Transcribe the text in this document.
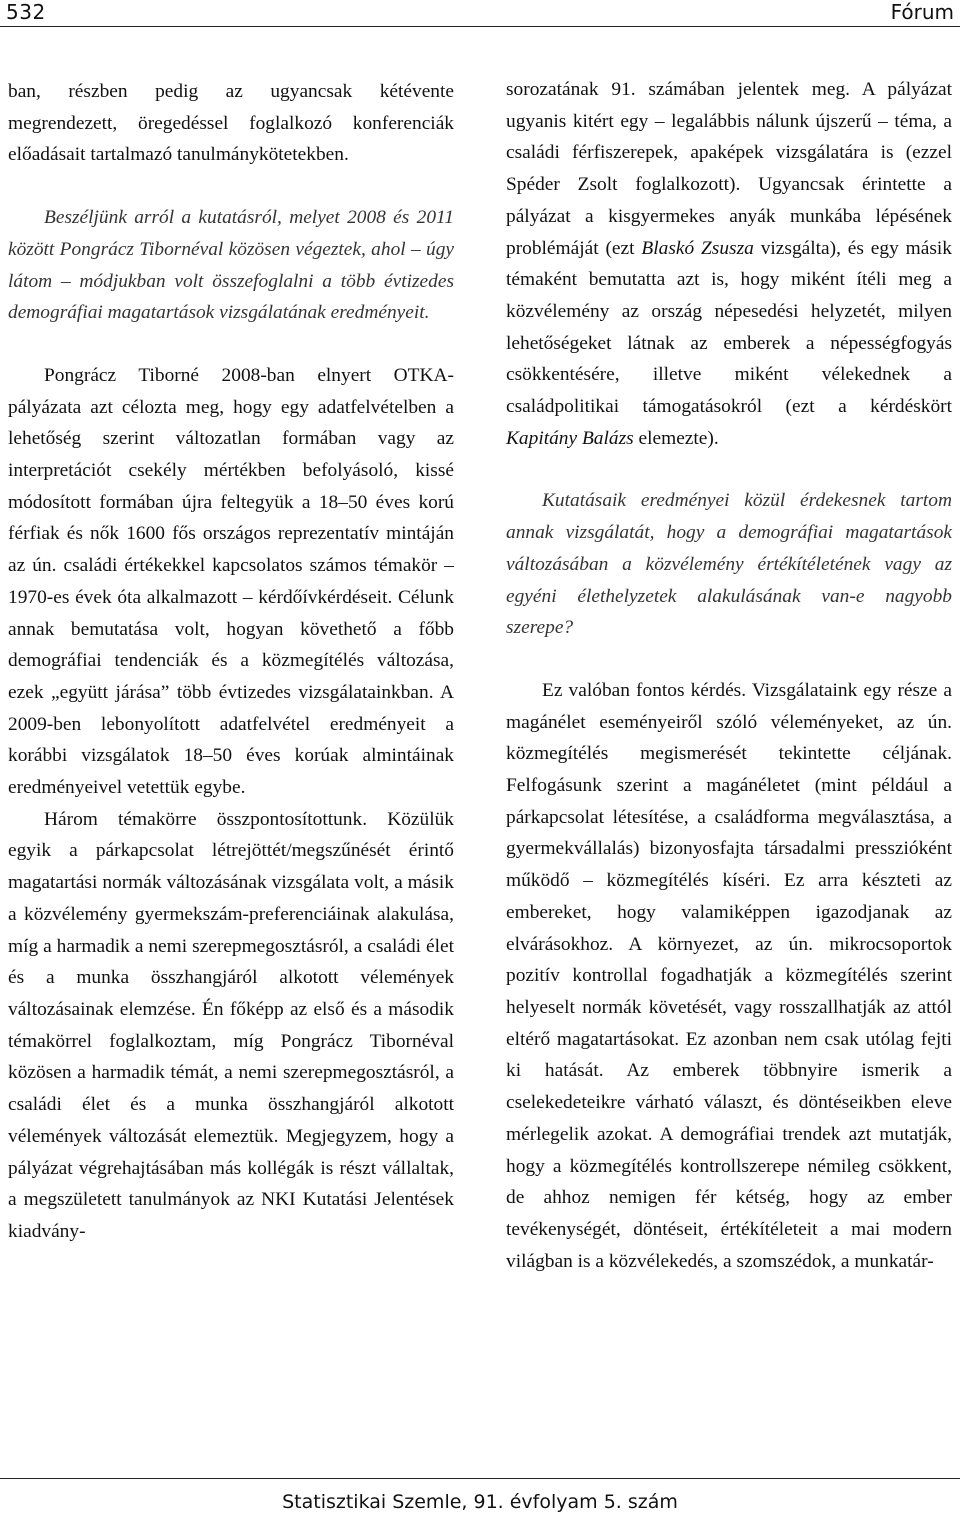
532	Fórum

ban, részben pedig az ugyancsak kétévente megrendezett, öregedéssel foglalkozó konferenciák előadásait tartalmazó tanulmánykötetekben.

Beszéljünk arról a kutatásról, melyet 2008 és 2011 között Pongrácz Tibornéval közösen végeztek, ahol – úgy látom – módjukban volt összefoglalni a több évtizedes demográfiai magatartások vizsgálatának eredményeit.

Pongrácz Tiborné 2008-ban elnyert OTKA-pályázata azt célozta meg, hogy egy adatfelvételben a lehetőség szerint változatlan formában vagy az interpretációt csekély mértékben befolyásoló, kissé módosított formában újra feltegyük a 18–50 éves korú férfiak és nők 1600 fős országos reprezentatív mintáján az ún. családi értékekkel kapcsolatos számos témakör – 1970-es évek óta alkalmazott – kérdőívkérdéseit. Célunk annak bemutatása volt, hogyan követhető a főbb demográfiai tendenciák és a közmegítélés változása, ezek „együtt járása” több évtizedes vizsgálatainkban. A 2009-ben lebonyolított adatfelvétel eredményeit a korábbi vizsgálatok 18–50 éves korúak almintáinak eredményeivel vetettük egybe.

Három témakörre összpontosítottunk. Közülük egyik a párkapcsolat létrejöttét/megszűnését érintő magatartási normák változásának vizsgálata volt, a másik a közvélemény gyermekszám-preferenciáinak alakulása, míg a harmadik a nemi szerepmegosztásról, a családi élet és a munka összhangjáról alkotott vélemények változásainak elemzése. Én főképp az első és a második témakörrel foglalkoztam, míg Pongrácz Tibornéval közösen a harmadik témát, a nemi szerepmegosztásról, a családi élet és a munka összhangjáról alkotott vélemények változását elemeztük. Megjegyzem, hogy a pályázat végrehajtásában más kollégák is részt vállaltak, a megszületett tanulmányok az NKI Kutatási Jelentések kiadvány-

sorozatának 91. számában jelentek meg. A pályázat ugyanis kitért egy – legalábbis nálunk újszerű – téma, a családi férfiszerepek, apaképek vizsgálatára is (ezzel Spéder Zsolt foglalkozott). Ugyancsak érintette a pályázat a kisgyermekes anyák munkába lépésének problémáját (ezt Blaskó Zsusza vizsgálta), és egy másik témaként bemutatta azt is, hogy miként ítéli meg a közvélemény az ország népesedési helyzetét, milyen lehetőségeket látnak az emberek a népességfogyás csökkentésére, illetve miként vélekednek a családpolitikai támogatásokról (ezt a kérdéskört Kapitány Balázs elemezte).

Kutatásaik eredményei közül érdekesnek tartom annak vizsgálatát, hogy a demográfiai magatartások változásában a közvélemény értékítéletének vagy az egyéni élethelyzetek alakulásának van-e nagyobb szerepe?

Ez valóban fontos kérdés. Vizsgálataink egy része a magánélet eseményeiről szóló véleményeket, az ún. közmegítélés megismerését tekintette céljának. Felfogásunk szerint a magánéletet (mint például a párkapcsolat létesítése, a családforma megválasztása, a gyermekvállalás) bizonyosfajta társadalmi presszióként működő – közmegítélés kíséri. Ez arra készteti az embereket, hogy valamiképpen igazodjanak az elvárásokhoz. A környezet, az ún. mikrocsoportok pozitív kontrollal fogadhatják a közmegítélés szerint helyeselt normák követését, vagy rosszallhatják az attól eltérő magatartásokat. Ez azonban nem csak utólag fejti ki hatását. Az emberek többnyire ismerik a cselekedeteikre várható választ, és döntéseikben eleve mérlegelik azokat. A demográfiai trendek azt mutatják, hogy a közmegítélés kontrollszerepe némileg csökkent, de ahhoz nemigen fér kétség, hogy az ember tevékenységét, döntéseit, értékítéleteit a mai modern világban is a közvélekedés, a szomszédok, a munkatár-

Statisztikai Szemle, 91. évfolyam 5. szám
